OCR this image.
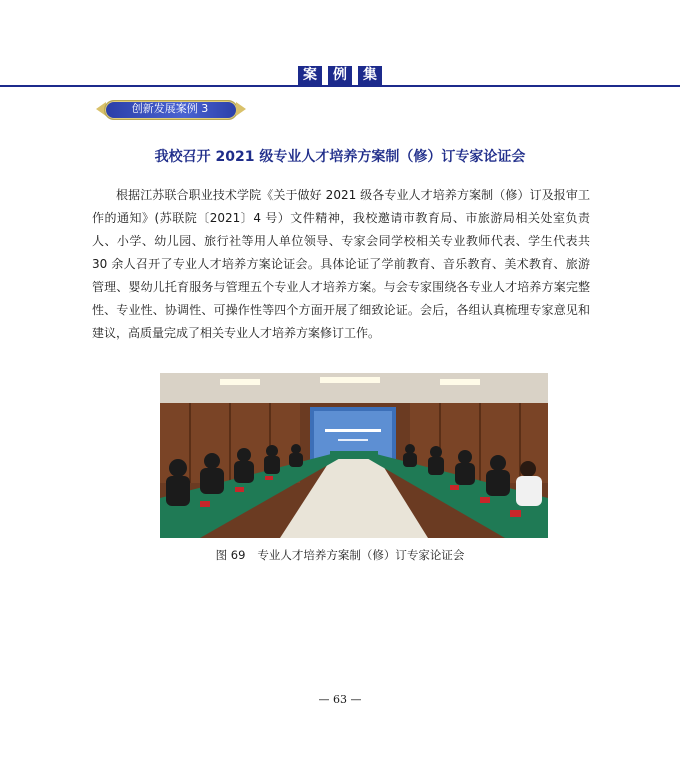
案	例	集
创新发展案例 3
我校召开 2021 级专业人才培养方案制（修）订专家论证会
根据江苏联合职业技术学院《关于做好 2021 级各专业人才培养方案制（修）订及报审工作的通知》(苏联院〔2021〕4 号）文件精神，我校邀请市教育局、市旅游局相关处室负责人、小学、幼儿园、旅行社等用人单位领导、专家会同学校相关专业教师代表、学生代表共 30 余人召开了专业人才培养方案论证会。具体论证了学前教育、音乐教育、美术教育、旅游管理、婴幼儿托育服务与管理五个专业人才培养方案。与会专家围绕各专业人才培养方案完整性、专业性、协调性、可操作性等四个方面开展了细致论证。会后，各组认真梳理专家意见和建议，高质量完成了相关专业人才培养方案修订工作。
图 69 专业人才培养方案制（修）订专家论证会
— 63 —
